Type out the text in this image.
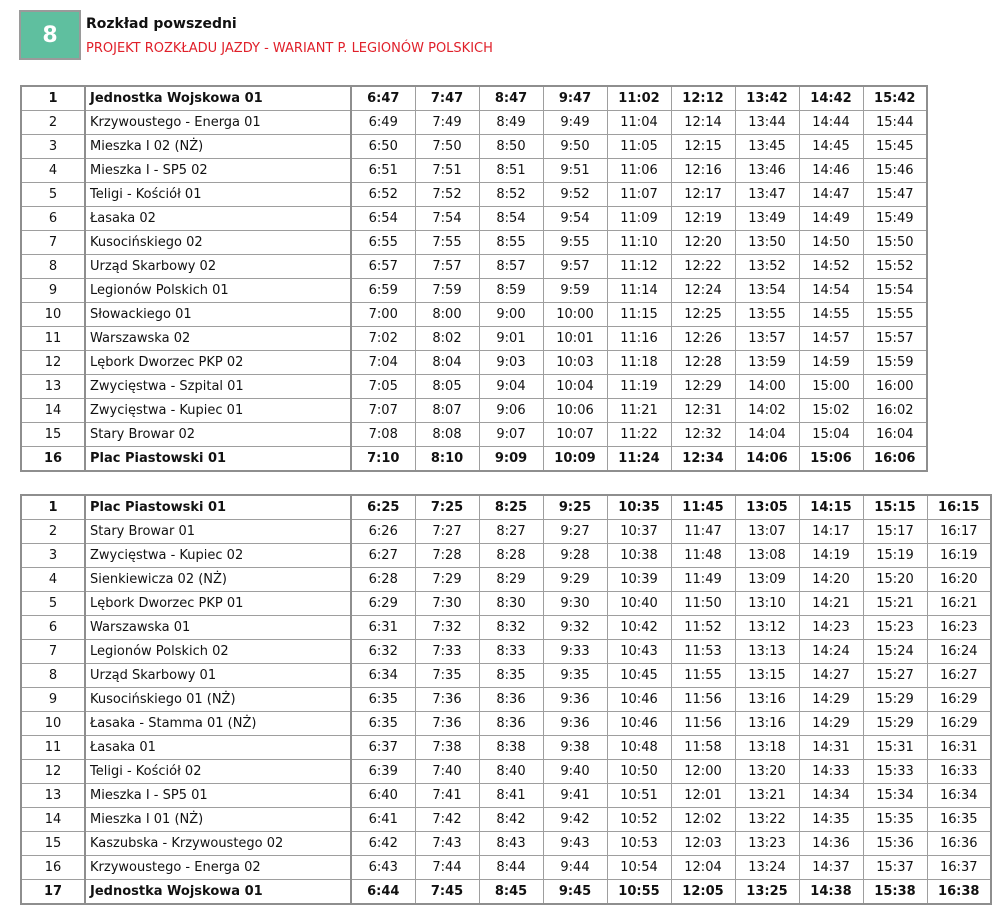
8 Rozkład powszedni
PROJEKT ROZKŁADU JAZDY - WARIANT P. LEGIONÓW POLSKICH
1	Jednostka Wojskowa 01	6:47	7:47	8:47	9:47	11:02	12:12	13:42	14:42	15:42
2	Krzywoustego - Energa 01	6:49	7:49	8:49	9:49	11:04	12:14	13:44	14:44	15:44
3	Mieszka I 02 (NŻ)	6:50	7:50	8:50	9:50	11:05	12:15	13:45	14:45	15:45
4	Mieszka I - SP5 02	6:51	7:51	8:51	9:51	11:06	12:16	13:46	14:46	15:46
5	Teligi - Kościół 01	6:52	7:52	8:52	9:52	11:07	12:17	13:47	14:47	15:47
6	Łasaka 02	6:54	7:54	8:54	9:54	11:09	12:19	13:49	14:49	15:49
7	Kusocińskiego 02	6:55	7:55	8:55	9:55	11:10	12:20	13:50	14:50	15:50
8	Urząd Skarbowy 02	6:57	7:57	8:57	9:57	11:12	12:22	13:52	14:52	15:52
9	Legionów Polskich 01	6:59	7:59	8:59	9:59	11:14	12:24	13:54	14:54	15:54
10	Słowackiego 01	7:00	8:00	9:00	10:00	11:15	12:25	13:55	14:55	15:55
11	Warszawska 02	7:02	8:02	9:01	10:01	11:16	12:26	13:57	14:57	15:57
12	Lębork Dworzec PKP 02	7:04	8:04	9:03	10:03	11:18	12:28	13:59	14:59	15:59
13	Zwycięstwa - Szpital 01	7:05	8:05	9:04	10:04	11:19	12:29	14:00	15:00	16:00
14	Zwycięstwa - Kupiec 01	7:07	8:07	9:06	10:06	11:21	12:31	14:02	15:02	16:02
15	Stary Browar 02	7:08	8:08	9:07	10:07	11:22	12:32	14:04	15:04	16:04
16	Plac Piastowski 01	7:10	8:10	9:09	10:09	11:24	12:34	14:06	15:06	16:06
1	Plac Piastowski 01	6:25	7:25	8:25	9:25	10:35	11:45	13:05	14:15	15:15	16:15
2	Stary Browar 01	6:26	7:27	8:27	9:27	10:37	11:47	13:07	14:17	15:17	16:17
3	Zwycięstwa - Kupiec 02	6:27	7:28	8:28	9:28	10:38	11:48	13:08	14:19	15:19	16:19
4	Sienkiewicza 02 (NŻ)	6:28	7:29	8:29	9:29	10:39	11:49	13:09	14:20	15:20	16:20
5	Lębork Dworzec PKP 01	6:29	7:30	8:30	9:30	10:40	11:50	13:10	14:21	15:21	16:21
6	Warszawska 01	6:31	7:32	8:32	9:32	10:42	11:52	13:12	14:23	15:23	16:23
7	Legionów Polskich 02	6:32	7:33	8:33	9:33	10:43	11:53	13:13	14:24	15:24	16:24
8	Urząd Skarbowy 01	6:34	7:35	8:35	9:35	10:45	11:55	13:15	14:27	15:27	16:27
9	Kusocińskiego 01 (NŻ)	6:35	7:36	8:36	9:36	10:46	11:56	13:16	14:29	15:29	16:29
10	Łasaka - Stamma 01 (NŻ)	6:35	7:36	8:36	9:36	10:46	11:56	13:16	14:29	15:29	16:29
11	Łasaka 01	6:37	7:38	8:38	9:38	10:48	11:58	13:18	14:31	15:31	16:31
12	Teligi - Kościół 02	6:39	7:40	8:40	9:40	10:50	12:00	13:20	14:33	15:33	16:33
13	Mieszka I - SP5 01	6:40	7:41	8:41	9:41	10:51	12:01	13:21	14:34	15:34	16:34
14	Mieszka I 01 (NŻ)	6:41	7:42	8:42	9:42	10:52	12:02	13:22	14:35	15:35	16:35
15	Kaszubska - Krzywoustego 02	6:42	7:43	8:43	9:43	10:53	12:03	13:23	14:36	15:36	16:36
16	Krzywoustego - Energa 02	6:43	7:44	8:44	9:44	10:54	12:04	13:24	14:37	15:37	16:37
17	Jednostka Wojskowa 01	6:44	7:45	8:45	9:45	10:55	12:05	13:25	14:38	15:38	16:38
